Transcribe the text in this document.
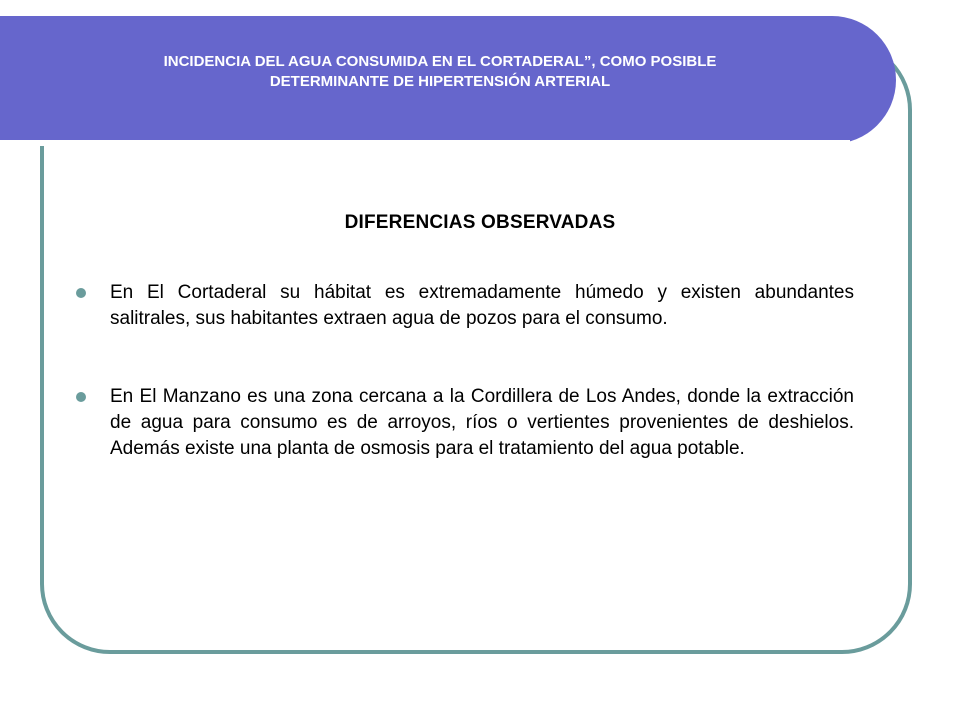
INCIDENCIA DEL AGUA CONSUMIDA EN EL CORTADERAL”, COMO POSIBLE
DETERMINANTE DE HIPERTENSIÓN ARTERIAL
DIFERENCIAS OBSERVADAS
En El Cortaderal su hábitat es extremadamente húmedo y existen abundantes salitrales, sus habitantes extraen agua de pozos para el consumo.
En El Manzano es una zona cercana a la Cordillera de Los Andes, donde la extracción de agua para consumo es de arroyos, ríos o vertientes provenientes de deshielos. Además existe una planta de osmosis para el tratamiento del agua potable.
